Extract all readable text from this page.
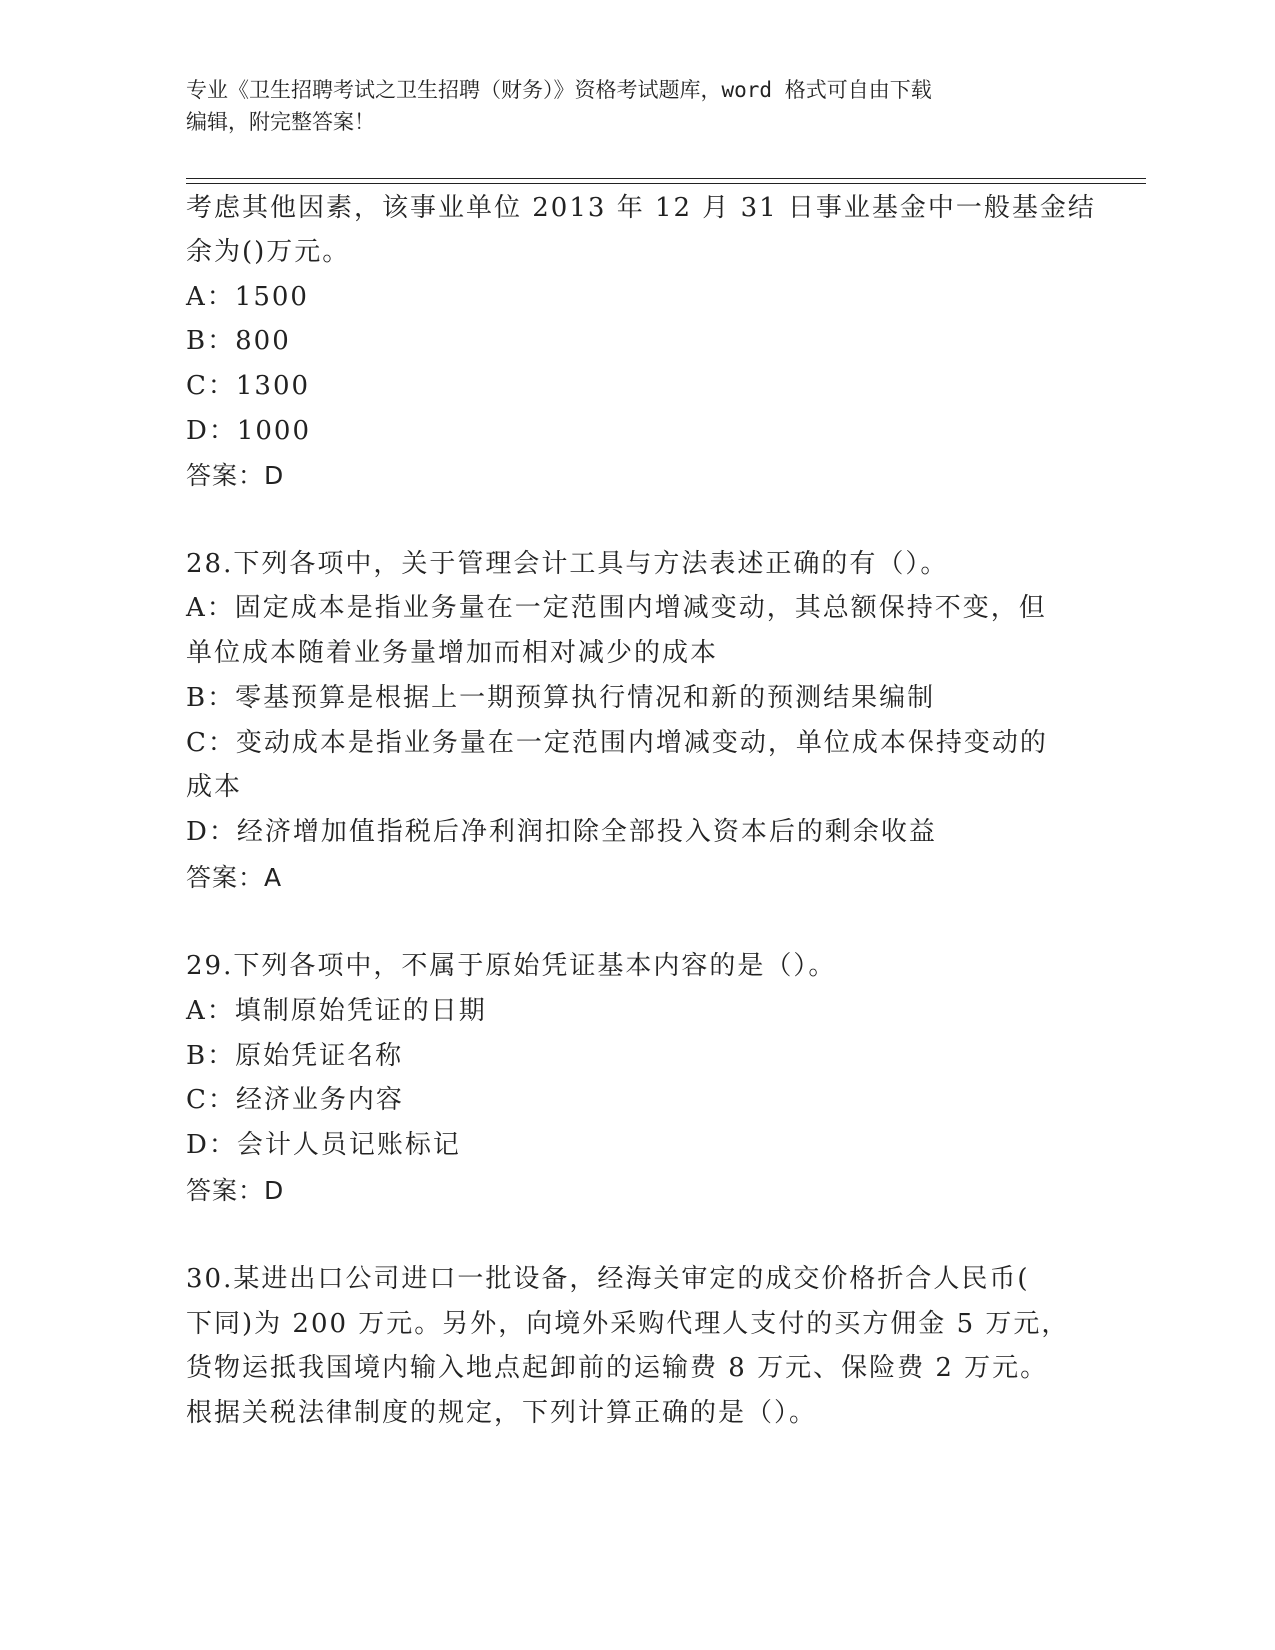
专业《卫生招聘考试之卫生招聘（财务）》资格考试题库，word 格式可自由下载
编辑，附完整答案！
考虑其他因素，该事业单位 2013 年 12 月 31 日事业基金中一般基金结
余为()万元。
A：1500
B：800
C：1300
D：1000
答案：D
28.下列各项中，关于管理会计工具与方法表述正确的有（）。
A：固定成本是指业务量在一定范围内增减变动，其总额保持不变，但
单位成本随着业务量增加而相对减少的成本
B：零基预算是根据上一期预算执行情况和新的预测结果编制
C：变动成本是指业务量在一定范围内增减变动，单位成本保持变动的
成本
D：经济增加值指税后净利润扣除全部投入资本后的剩余收益
答案：A
29.下列各项中，不属于原始凭证基本内容的是（）。
A：填制原始凭证的日期
B：原始凭证名称
C：经济业务内容
D：会计人员记账标记
答案：D
30.某进出口公司进口一批设备，经海关审定的成交价格折合人民币(
下同)为 200 万元。另外，向境外采购代理人支付的买方佣金 5 万元，
货物运抵我国境内输入地点起卸前的运输费 8 万元、保险费 2 万元。
根据关税法律制度的规定，下列计算正确的是（）。
